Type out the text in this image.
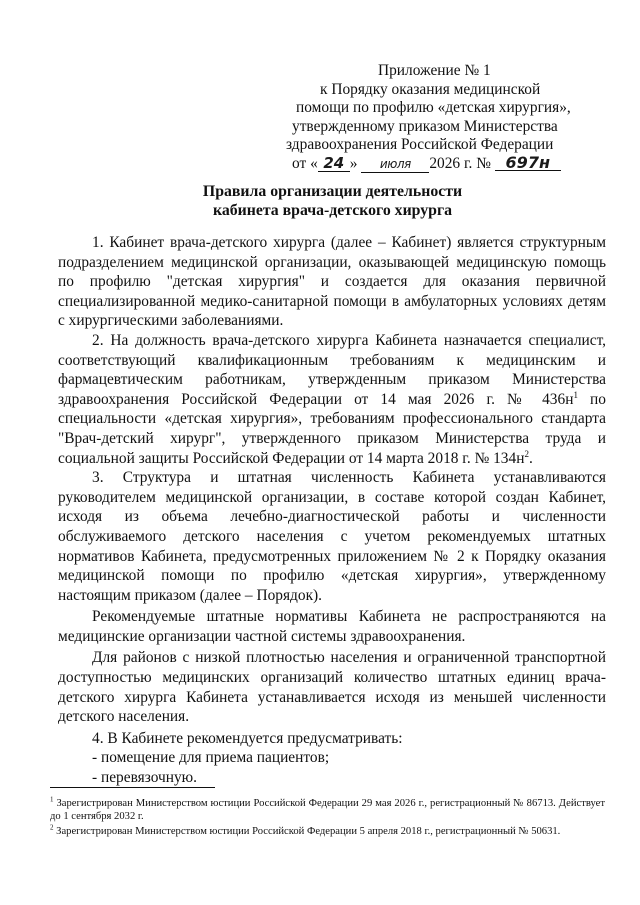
Приложение № 1
к Порядку оказания медицинской
помощи по профилю «детская хирургия»,
утвержденному приказом Министерства
здравоохранения Российской Федерации
от « 24 » июля 2026 г. № 697н
Правила организации деятельности
кабинета врача-детского хирурга

1. Кабинет врача-детского хирурга (далее – Кабинет) является структурным подразделением медицинской организации, оказывающей медицинскую помощь по профилю "детская хирургия" и создается для оказания первичной специализированной медико-санитарной помощи в амбулаторных условиях детям с хирургическими заболеваниями.

2. На должность врача-детского хирурга Кабинета назначается специалист, соответствующий квалификационным требованиям к медицинским и фармацевтическим работникам, утвержденным приказом Министерства здравоохранения Российской Федерации от 14 мая 2026 г. № $436н^1$ по специальности «детская хирургия», требованиям профессионального стандарта "Врач-детский хирург", утвержденного приказом Министерства труда и социальной защиты Российской Федерации от 14 марта 2018 г. № $134н^2$.

3. Структура и штатная численность Кабинета устанавливаются руководителем медицинской организации, в составе которой создан Кабинет, исходя из объема лечебно-диагностической работы и численности обслуживаемого детского населения с учетом рекомендуемых штатных нормативов Кабинета, предусмотренных приложением № 2 к Порядку оказания медицинской помощи по профилю «детская хирургия», утвержденному настоящим приказом (далее – Порядок).

Рекомендуемые штатные нормативы Кабинета не распространяются на медицинские организации частной системы здравоохранения.

Для районов с низкой плотностью населения и ограниченной транспортной доступностью медицинских организаций количество штатных единиц врача-детского хирурга Кабинета устанавливается исходя из меньшей численности детского населения.

4. В Кабинете рекомендуется предусматривать:

- помещение для приема пациентов;

- перевязочную.

$^1$ Зарегистрирован Министерством юстиции Российской Федерации 29 мая 2026 г., регистрационный № 86713. Действует до 1 сентября 2032 г.

$^2$ Зарегистрирован Министерством юстиции Российской Федерации 5 апреля 2018 г., регистрационный № 50631.
